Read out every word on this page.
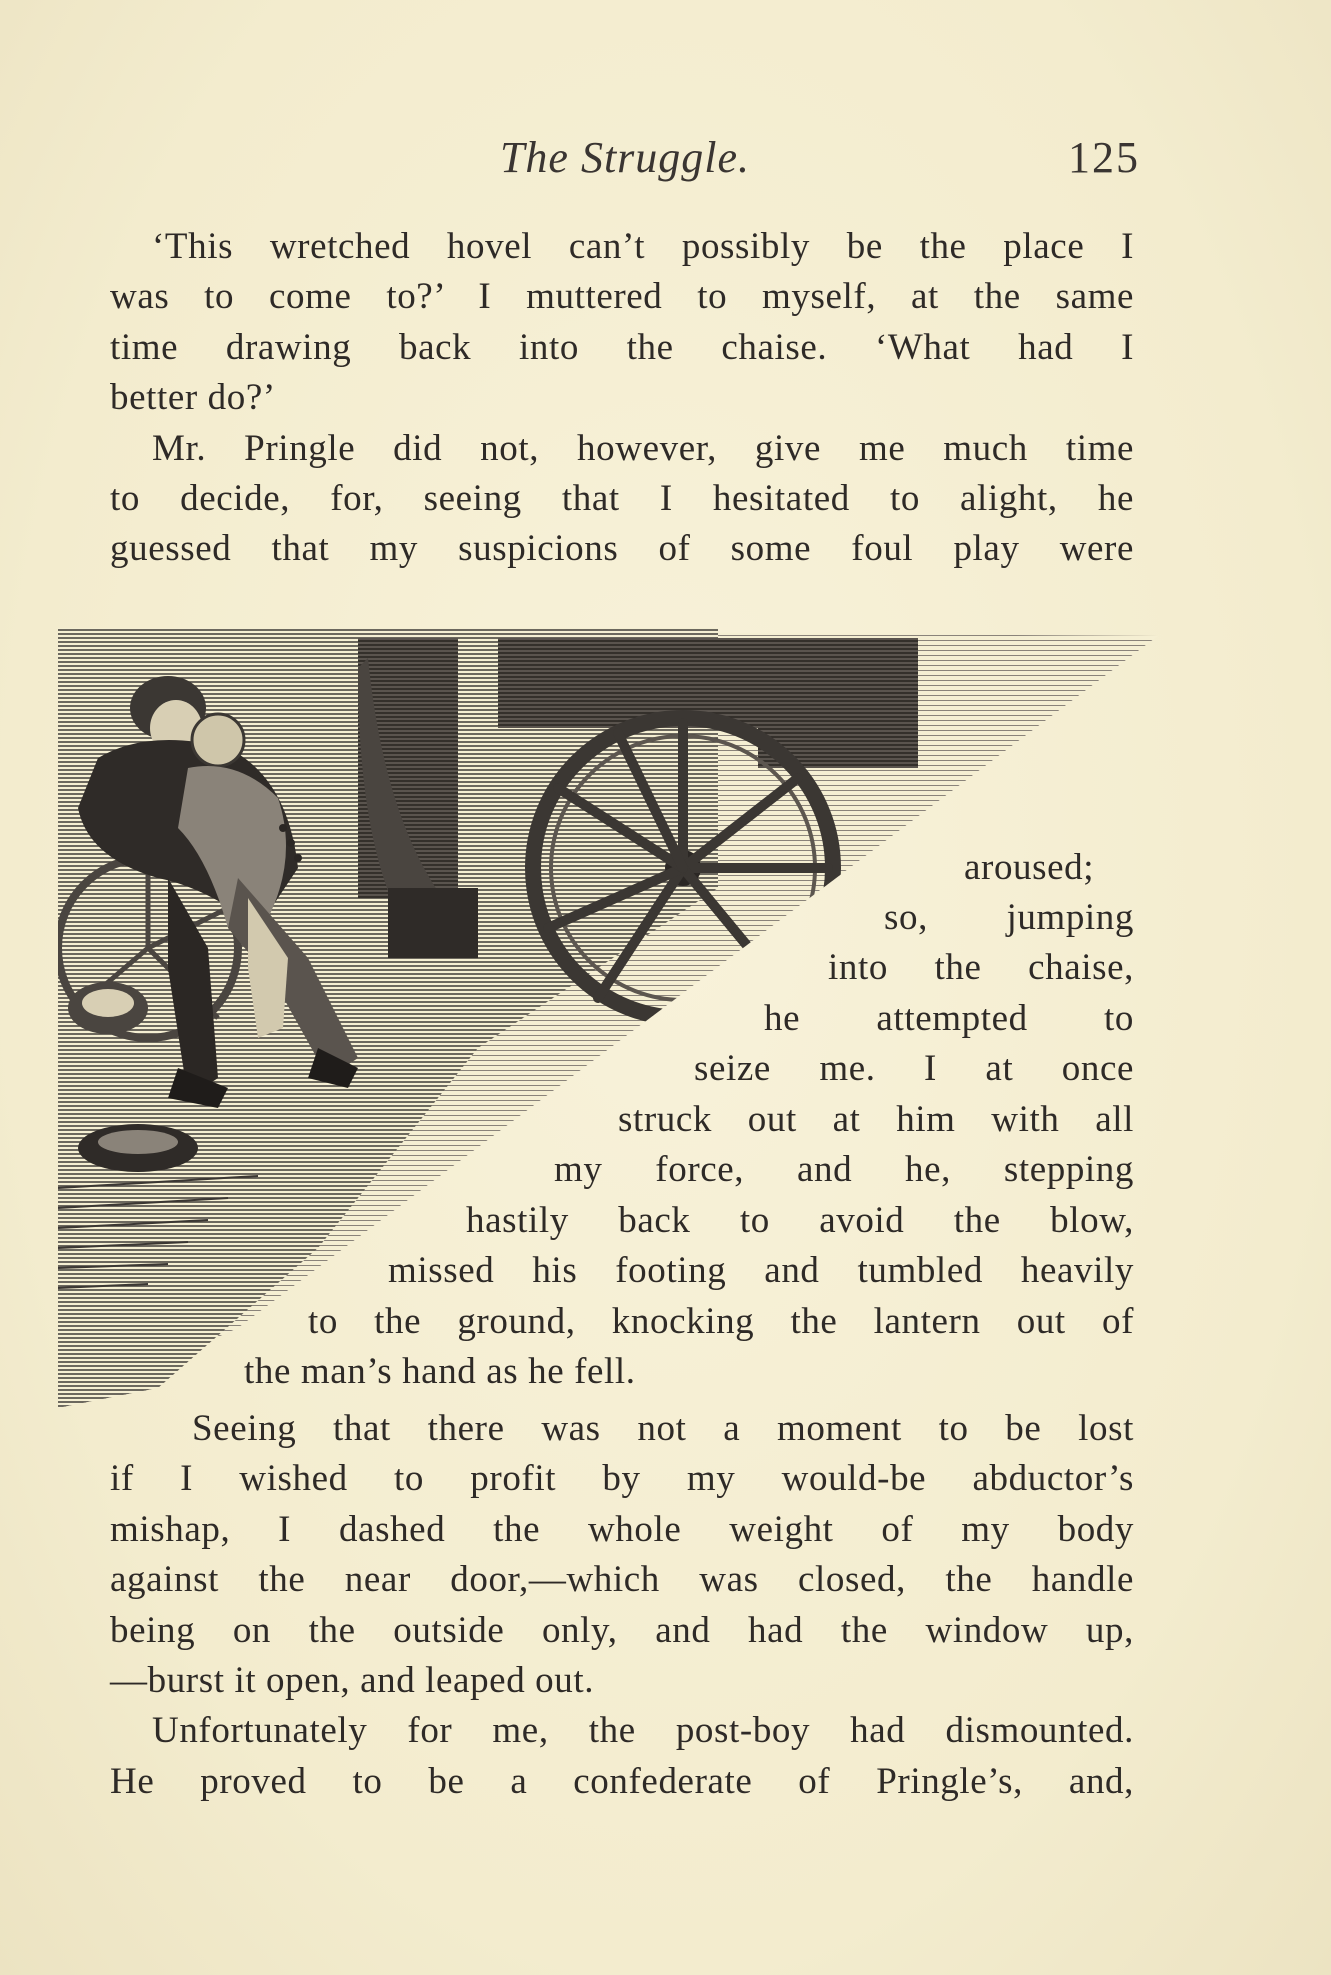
The Struggle.	125
‘This wretched hovel can’t possibly be the place I
was to come to?’ I muttered to myself, at the same
time drawing back into the chaise. ‘What had I
better do?’
Mr. Pringle did not, however, give me much time
to decide, for, seeing that I hesitated to alight, he
guessed that my suspicions of some foul play were
aroused;
so, jumping
into the chaise,
he attempted to
seize me. I at once
struck out at him with all
my force, and he, stepping
hastily back to avoid the blow,
missed his footing and tumbled heavily
to the ground, knocking the lantern out of
the man’s hand as he fell.
Seeing that there was not a moment to be lost
if I wished to profit by my would-be abductor’s
mishap, I dashed the whole weight of my body
against the near door,—which was closed, the handle
being on the outside only, and had the window up,
—burst it open, and leaped out.
Unfortunately for me, the post-boy had dismounted.
He proved to be a confederate of Pringle’s, and,
